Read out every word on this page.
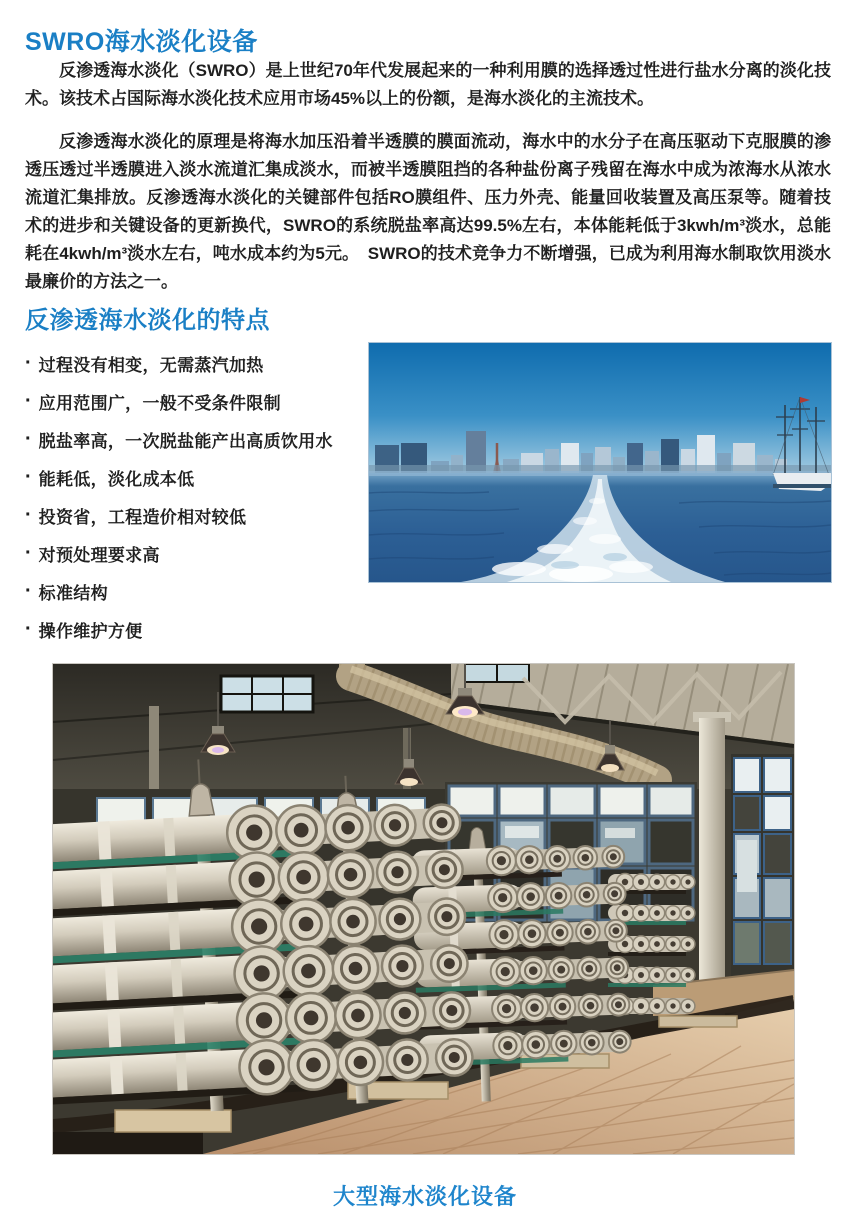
SWRO海水淡化设备

反渗透海水淡化（SWRO）是上世纪70年代发展起来的一种利用膜的选择透过性进行盐水分离的淡化技术。该技术占国际海水淡化技术应用市场45%以上的份额，是海水淡化的主流技术。

反渗透海水淡化的原理是将海水加压沿着半透膜的膜面流动，海水中的水分子在高压驱动下克服膜的渗透压透过半透膜进入淡水流道汇集成淡水，而被半透膜阻挡的各种盐份离子残留在海水中成为浓海水从浓水流道汇集排放。反渗透海水淡化的关键部件包括RO膜组件、压力外壳、能量回收装置及高压泵等。随着技术的进步和关键设备的更新换代，SWRO的系统脱盐率高达99.5%左右，本体能耗低于3kwh/m³淡水，总能耗在4kwh/m³淡水左右，吨水成本约为5元。　SWRO的技术竞争力不断增强，已成为利用海水制取饮用淡水最廉价的方法之一。

反渗透海水淡化的特点
· 过程没有相变，无需蒸汽加热
· 应用范围广，一般不受条件限制
· 脱盐率高，一次脱盐能产出高质饮用水
· 能耗低，淡化成本低
· 投资省，工程造价相对较低
· 对预处理要求高
· 标准结构
· 操作维护方便
大型海水淡化设备
